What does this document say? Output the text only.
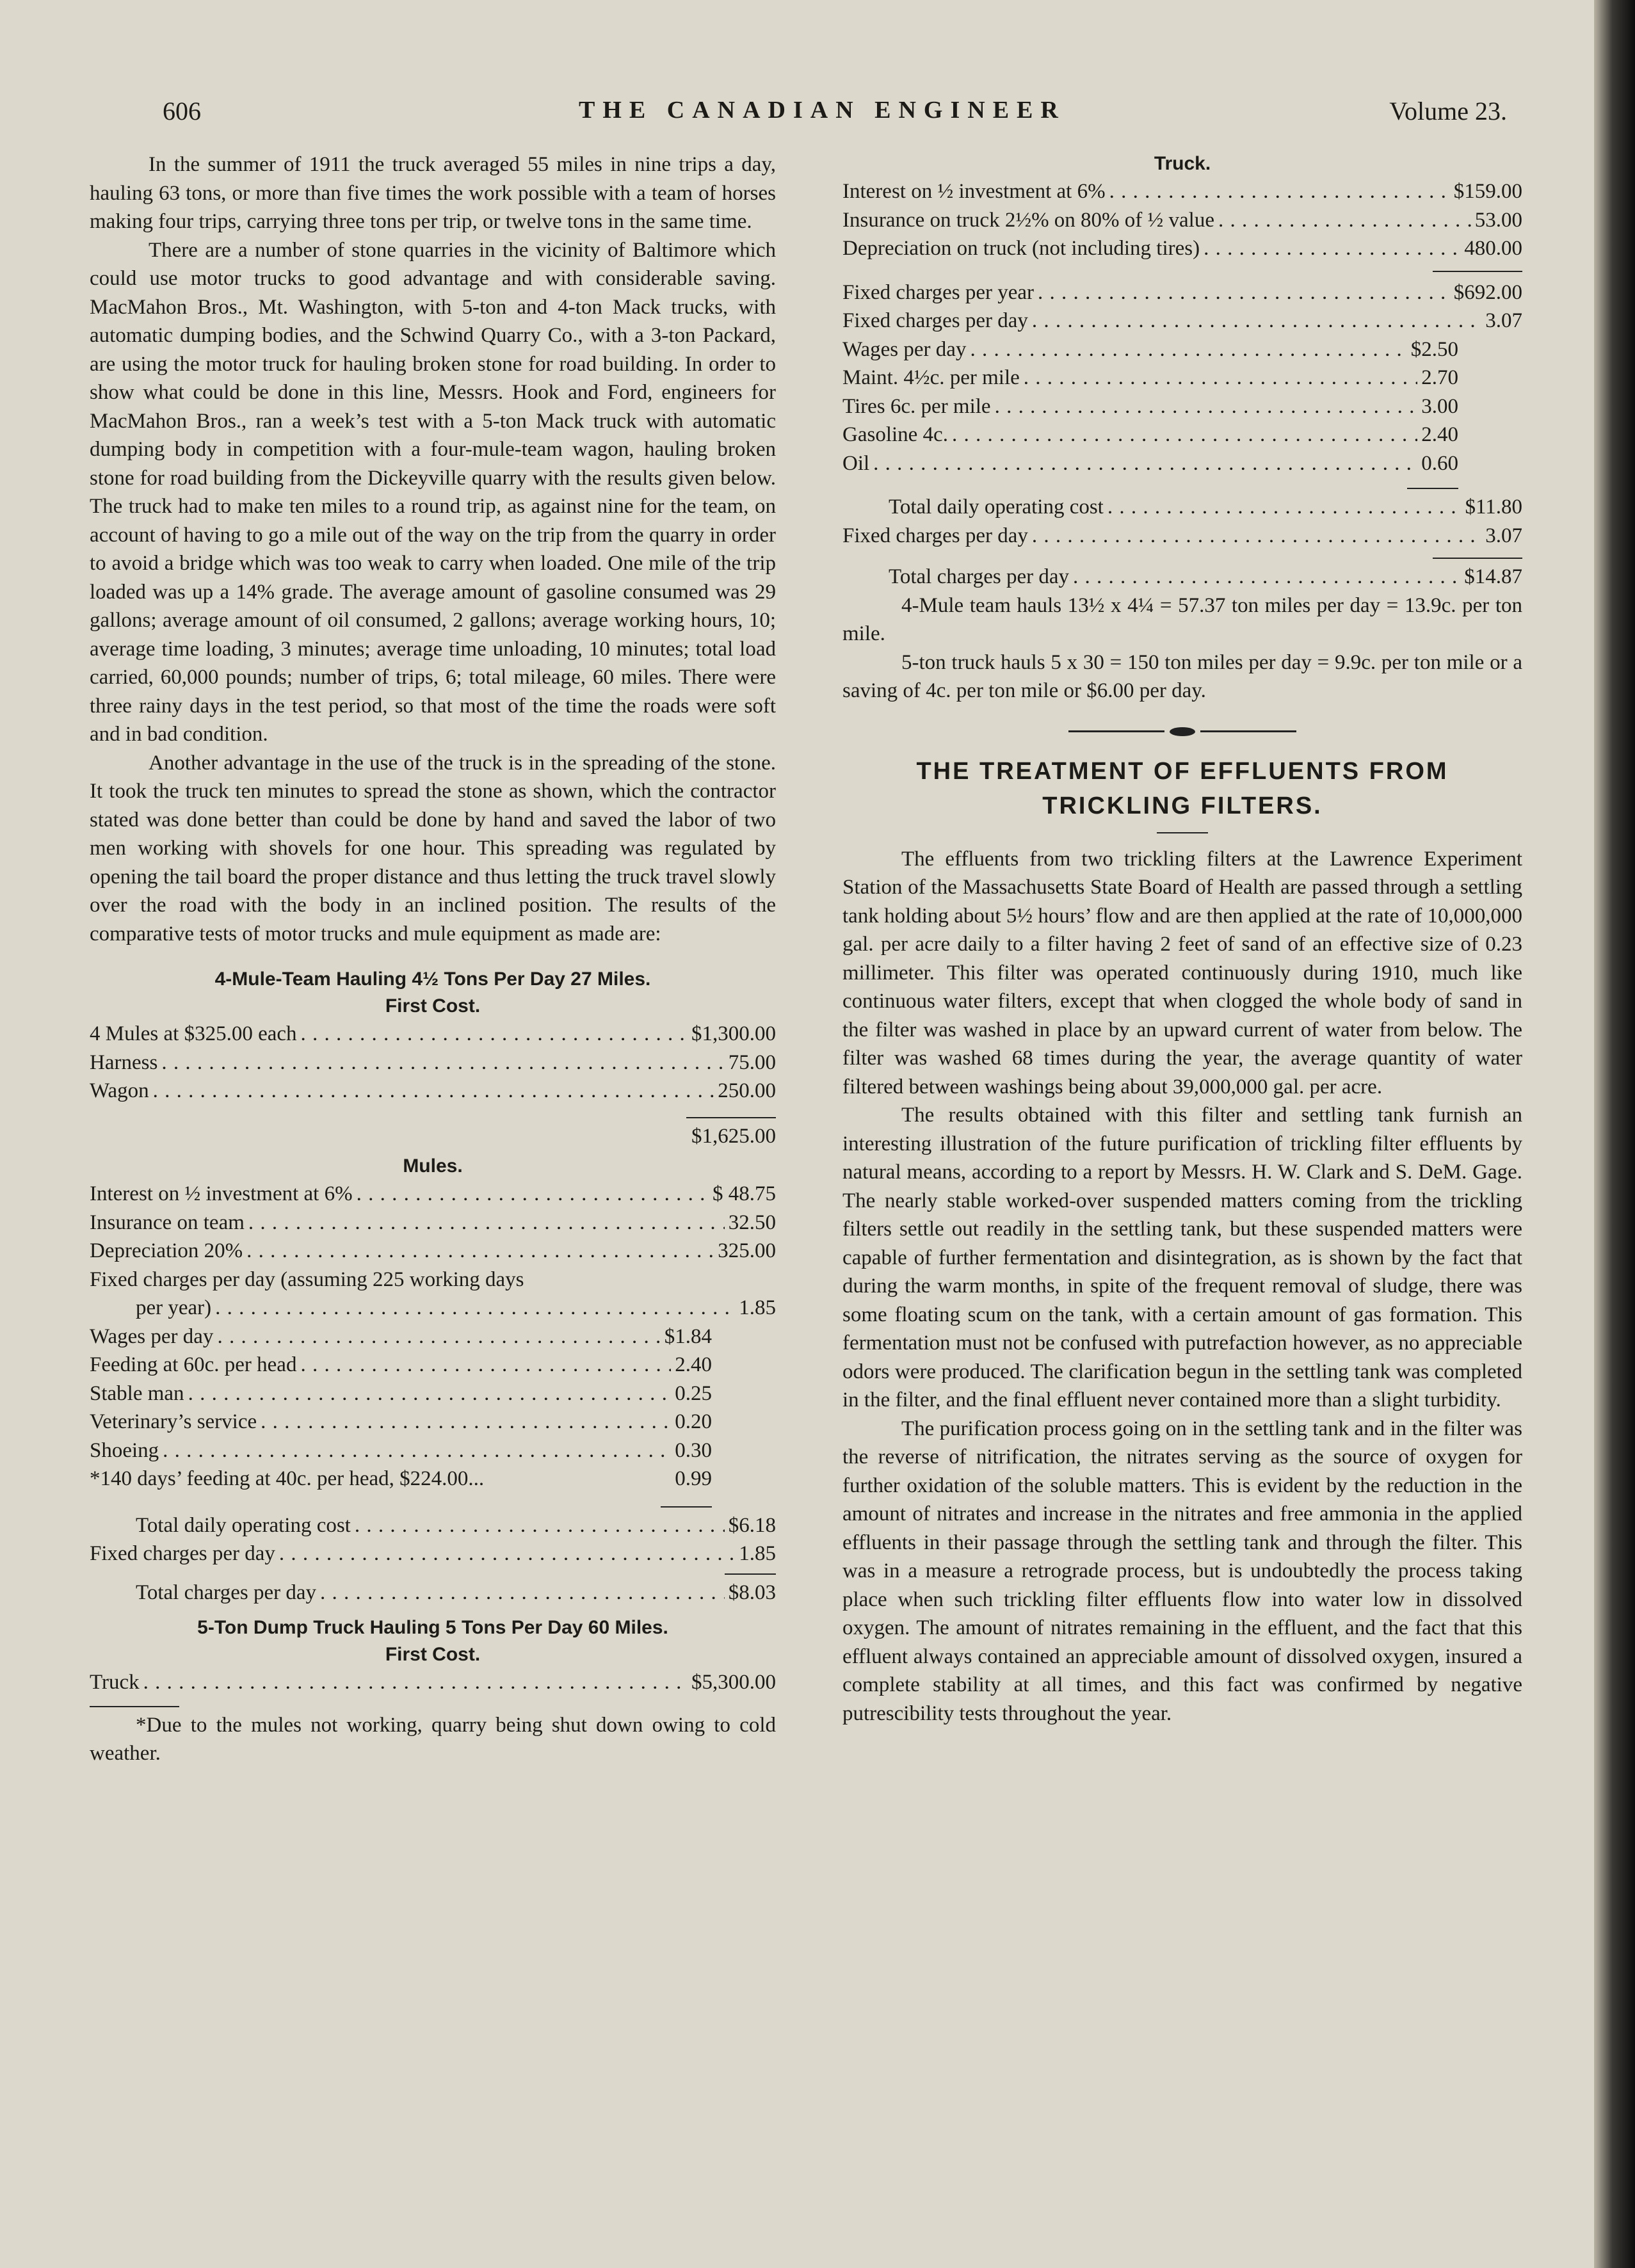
606	THE CANADIAN ENGINEER	Volume 23.

In the summer of 1911 the truck averaged 55 miles in nine trips a day, hauling 63 tons, or more than five times the work possible with a team of horses making four trips, carrying three tons per trip, or twelve tons in the same time.

There are a number of stone quarries in the vicinity of Baltimore which could use motor trucks to good advantage and with considerable saving. MacMahon Bros., Mt. Washington, with 5-ton and 4-ton Mack trucks, with automatic dumping bodies, and the Schwind Quarry Co., with a 3-ton Packard, are using the motor truck for hauling broken stone for road building. In order to show what could be done in this line, Messrs. Hook and Ford, engineers for MacMahon Bros., ran a week’s test with a 5-ton Mack truck with automatic dumping body in competition with a four-mule-team wagon, hauling broken stone for road building from the Dickeyville quarry with the results given below. The truck had to make ten miles to a round trip, as against nine for the team, on account of having to go a mile out of the way on the trip from the quarry in order to avoid a bridge which was too weak to carry when loaded. One mile of the trip loaded was up a 14% grade. The average amount of gasoline consumed was 29 gallons; average amount of oil consumed, 2 gallons; average working hours, 10; average time loading, 3 minutes; average time unloading, 10 minutes; total load carried, 60,000 pounds; number of trips, 6; total mileage, 60 miles. There were three rainy days in the test period, so that most of the time the roads were soft and in bad condition.

Another advantage in the use of the truck is in the spreading of the stone. It took the truck ten minutes to spread the stone as shown, which the contractor stated was done better than could be done by hand and saved the labor of two men working with shovels for one hour. This spreading was regulated by opening the tail board the proper distance and thus letting the truck travel slowly over the road with the body in an inclined position. The results of the comparative tests of motor trucks and mule equipment as made are:

4-Mule-Team Hauling 4½ Tons Per Day 27 Miles.
First Cost.
4 Mules at $325.00 each . . .	$1,300.00
Harness . . .	75.00
Wagon . . .	250.00
$1,625.00
Mules.
Interest on ½ investment at 6% . . .	$ 48.75
Insurance on team . . .	32.50
Depreciation 20% . . .	325.00
Fixed charges per day (assuming 225 working days
per year) . . .	1.85
Wages per day . . .	$1.84
Feeding at 60c. per head . . .	2.40
Stable man . . .	0.25
Veterinary’s service . . .	0.20
Shoeing . . .	0.30
*140 days’ feeding at 40c. per head, $224.00...	0.99
Total daily operating cost . . .	$6.18
Fixed charges per day . . .	1.85
Total charges per day . . .	$8.03
5-Ton Dump Truck Hauling 5 Tons Per Day 60 Miles.
First Cost.
Truck . . .	$5,300.00

*Due to the mules not working, quarry being shut down owing to cold weather.

Truck.
Interest on ½ investment at 6% . . .	$159.00
Insurance on truck 2½% on 80% of ½ value . . .	53.00
Depreciation on truck (not including tires) . . .	480.00
Fixed charges per year . . .	$692.00
Fixed charges per day . . .	3.07
Wages per day . . .	$2.50
Maint. 4½c. per mile . . .	2.70
Tires 6c. per mile . . .	3.00
Gasoline 4c. . . .	2.40
Oil . . .	0.60
Total daily operating cost . . .	$11.80
Fixed charges per day . . .	3.07
Total charges per day . . .	$14.87

4-Mule team hauls 13½ x 4¼ = 57.37 ton miles per day = 13.9c. per ton mile.

5-ton truck hauls 5 x 30 = 150 ton miles per day = 9.9c. per ton mile or a saving of 4c. per ton mile or $6.00 per day.

THE TREATMENT OF EFFLUENTS FROM TRICKLING FILTERS.

The effluents from two trickling filters at the Lawrence Experiment Station of the Massachusetts State Board of Health are passed through a settling tank holding about 5½ hours’ flow and are then applied at the rate of 10,000,000 gal. per acre daily to a filter having 2 feet of sand of an effective size of 0.23 millimeter. This filter was operated continuously during 1910, much like continuous water filters, except that when clogged the whole body of sand in the filter was washed in place by an upward current of water from below. The filter was washed 68 times during the year, the average quantity of water filtered between washings being about 39,000,000 gal. per acre.

The results obtained with this filter and settling tank furnish an interesting illustration of the future purification of trickling filter effluents by natural means, according to a report by Messrs. H. W. Clark and S. DeM. Gage. The nearly stable worked-over suspended matters coming from the trickling filters settle out readily in the settling tank, but these suspended matters were capable of further fermentation and disintegration, as is shown by the fact that during the warm months, in spite of the frequent removal of sludge, there was some floating scum on the tank, with a certain amount of gas formation. This fermentation must not be confused with putrefaction however, as no appreciable odors were produced. The clarification begun in the settling tank was completed in the filter, and the final effluent never contained more than a slight turbidity.

The purification process going on in the settling tank and in the filter was the reverse of nitrification, the nitrates serving as the source of oxygen for further oxidation of the soluble matters. This is evident by the reduction in the amount of nitrates and increase in the nitrates and free ammonia in the applied effluents in their passage through the settling tank and through the filter. This was in a measure a retrograde process, but is undoubtedly the process taking place when such trickling filter effluents flow into water low in dissolved oxygen. The amount of nitrates remaining in the effluent, and the fact that this effluent always contained an appreciable amount of dissolved oxygen, insured a complete stability at all times, and this fact was confirmed by negative putrescibility tests throughout the year.
